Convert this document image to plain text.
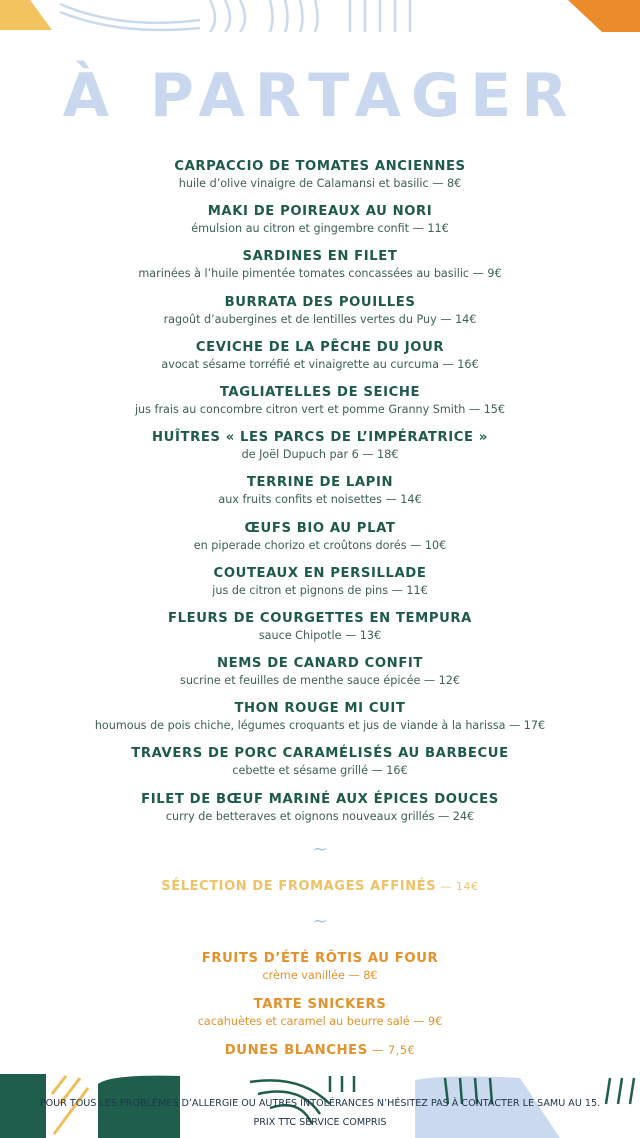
À PARTAGER
CARPACCIO DE TOMATES ANCIENNES
huile d’olive vinaigre de Calamansi et basilic — 8€
MAKI DE POIREAUX AU NORI
émulsion au citron et gingembre confit — 11€
SARDINES EN FILET
marinées à l’huile pimentée tomates concassées au basilic — 9€
BURRATA DES POUILLES
ragoût d’aubergines et de lentilles vertes du Puy — 14€
CEVICHE DE LA PÊCHE DU JOUR
avocat sésame torréfié et vinaigrette au curcuma — 16€
TAGLIATELLES DE SEICHE
jus frais au concombre citron vert et pomme Granny Smith — 15€
HUÎTRES « LES PARCS DE L’IMPÉRATRICE »
de Joël Dupuch par 6 — 18€
TERRINE DE LAPIN
aux fruits confits et noisettes — 14€
ŒUFS BIO AU PLAT
en piperade chorizo et croûtons dorés — 10€
COUTEAUX EN PERSILLADE
jus de citron et pignons de pins — 11€
FLEURS DE COURGETTES EN TEMPURA
sauce Chipotle — 13€
NEMS DE CANARD CONFIT
sucrine et feuilles de menthe sauce épicée — 12€
THON ROUGE MI CUIT
houmous de pois chiche, légumes croquants et jus de viande à la harissa — 17€
TRAVERS DE PORC CARAMÉLISÉS AU BARBECUE
cebette et sésame grillé — 16€
FILET DE BŒUF MARINÉ AUX ÉPICES DOUCES
curry de betteraves et oignons nouveaux grillés — 24€
~
SÉLECTION DE FROMAGES AFFINÉS — 14€
~
FRUITS D’ÉTÉ RÔTIS AU FOUR
crème vanillée — 8€
TARTE SNICKERS
cacahuètes et caramel au beurre salé — 9€
DUNES BLANCHES — 7,5€
POUR TOUS LES PROBLÈMES D’ALLERGIE OU AUTRES INTOLÉRANCES N’HÉSITEZ PAS À CONTACTER LE SAMU AU 15.
PRIX TTC SERVICE COMPRIS
